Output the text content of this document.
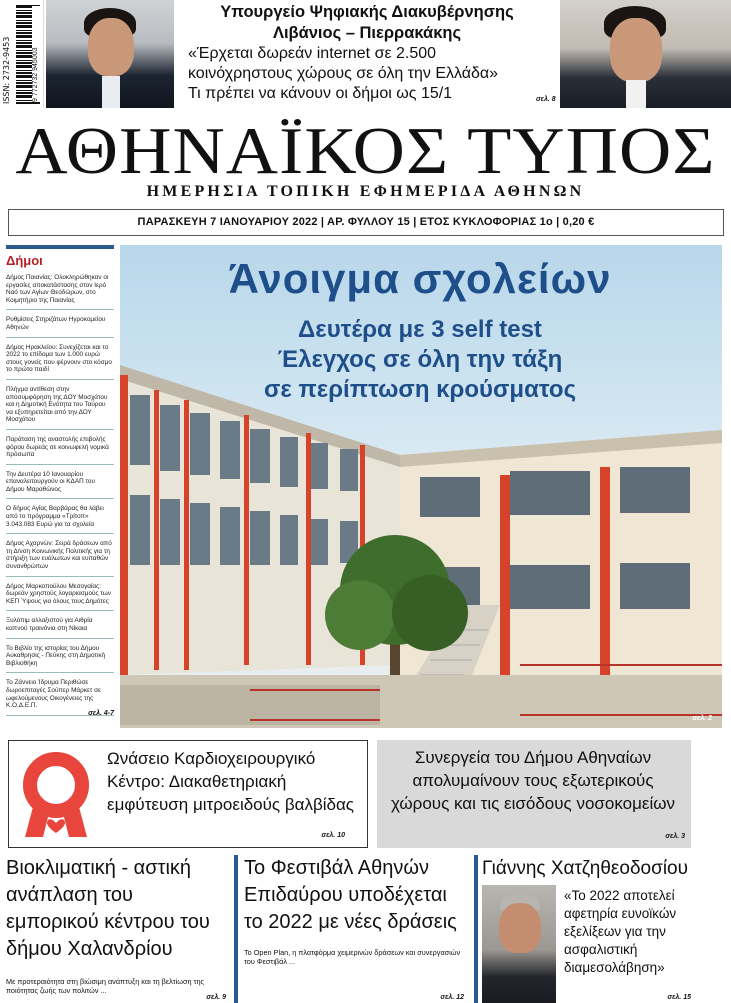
ISSN: 2732-9453	9 772732 945003
Υπουργείο Ψηφιακής Διακυβέρνησης
Λιβάνιος – Πιερρακάκης
«Έρχεται δωρεάν internet σε 2.500
κοινόχρηστους χώρους σε όλη την Ελλάδα»
Τι πρέπει να κάνουν οι δήμοι ως 15/1	σελ. 8
ΑΘΗΝΑΪΚΟΣ ΤΥΠΟΣ
ΗΜΕΡΗΣΙΑ ΤΟΠΙΚΗ ΕΦΗΜΕΡΙΔΑ ΑΘΗΝΩΝ
ΠΑΡΑΣΚΕΥΗ 7 ΙΑΝΟΥΑΡΙΟΥ 2022 | ΑΡ. ΦΥΛΛΟΥ 15 | ΕΤΟΣ ΚΥΚΛΟΦΟΡΙΑΣ 1ο | 0,20 €
Δήμοι
Δήμος Παιανίας: Ολοκληρώθηκαν οι εργασίες αποκατάστασης στον Ιερό Ναό των Αγίων Θεοδώρων, στο Κοιμητήριο της Παιανίας
Ρυθμίσεις Στηριζάτων Ηγροκομείου Αθηνών
Δήμος Ηρακλείου: Συνεχίζεται και το 2022 το επίδομα των 1.000 ευρώ στους γονείς που φέρνουν στο κόσμο το πρώτο παιδί
Πλήγμα αντίθεση στην αποσυμφόρηση της ΔΟΥ Μοσχάτου και η Δημοτική Ενότητα του Ταύρου να εξυπηρετείται από την ΔΟΥ Μοσχάτου
Παράταση της αναστολής επιβολής φόρου δωρεάς σε κοινωφελή νομικά πρόσωπα
Την Δευτέρα 10 Ιανουαρίου επαναλειτουργούν οι ΚΔΑΠ του Δήμου Μαραθώνος
Ο δήμος Αγίας Βαρβάρας θα λάβει από το πρόγραμμα «Τρίτοπ» 3.043.083 Ευρώ για τα σχολεία
Δήμος Αχαρνών: Σειρά δράσεων από τη Δ/νση Κοινωνικής Πολιτικής για τη στήριξη των ευάλωτων και ευπαθών συνανθρώπων
Δήμος Μαρκοπούλου Μεσογαίας: δωρεάν χρηστούς λογαριασμούς των ΚΕΠ Ύψους για όλους τους Δημότες
Ξυλόπιμ αλλαξιστού για Αιθρία καπνού τραινόνια στη Νίκαια
Το Βιβλίο της ιστορίας του Δήμου Αυκαθρησις - Πεύκης στη Δημοτική Βιβλιοθήκη
Το Ζάννειο Ίδρυμα Περιθώσε δωροεπιταγές Σούπερ Μάρκετ σε ωφελούμενους Οικογένειες της Κ.Ο.Δ.Ε.Π.
σελ. 4-7
Άνοιγμα σχολείων
Δευτέρα με 3 self test
Έλεγχος σε όλη την τάξη
σε περίπτωση κρούσματος
σελ. 2
Ωνάσειο Καρδιοχειρουργικό Κέντρο: Διακαθετηριακή εμφύτευση μιτροειδούς βαλβίδας
σελ. 10
Συνεργεία του Δήμου Αθηναίων απολυμαίνουν τους εξωτερικούς χώρους και τις εισόδους νοσοκομείων
σελ. 3
Βιοκλιματική - αστική ανάπλαση του εμπορικού κέντρου του δήμου Χαλανδρίου
Με προτεραιότητα στη βιώσιμη ανάπτυξη και τη βελτίωση της ποιότητας ζωής των πολιτών ...
σελ. 9
Το Φεστιβάλ Αθηνών Επιδαύρου υποδέχεται το 2022 με νέες δράσεις
Το Open Plan, η πλατφόρμα χειμερινών δράσεων και συνεργασιών του Φεστιβάλ ...
σελ. 12
Γιάννης Χατζηθεοδοσίου
«Το 2022 αποτελεί αφετηρία ευνοϊκών εξελίξεων για την ασφαλιστική διαμεσολάβηση»
σελ. 15
